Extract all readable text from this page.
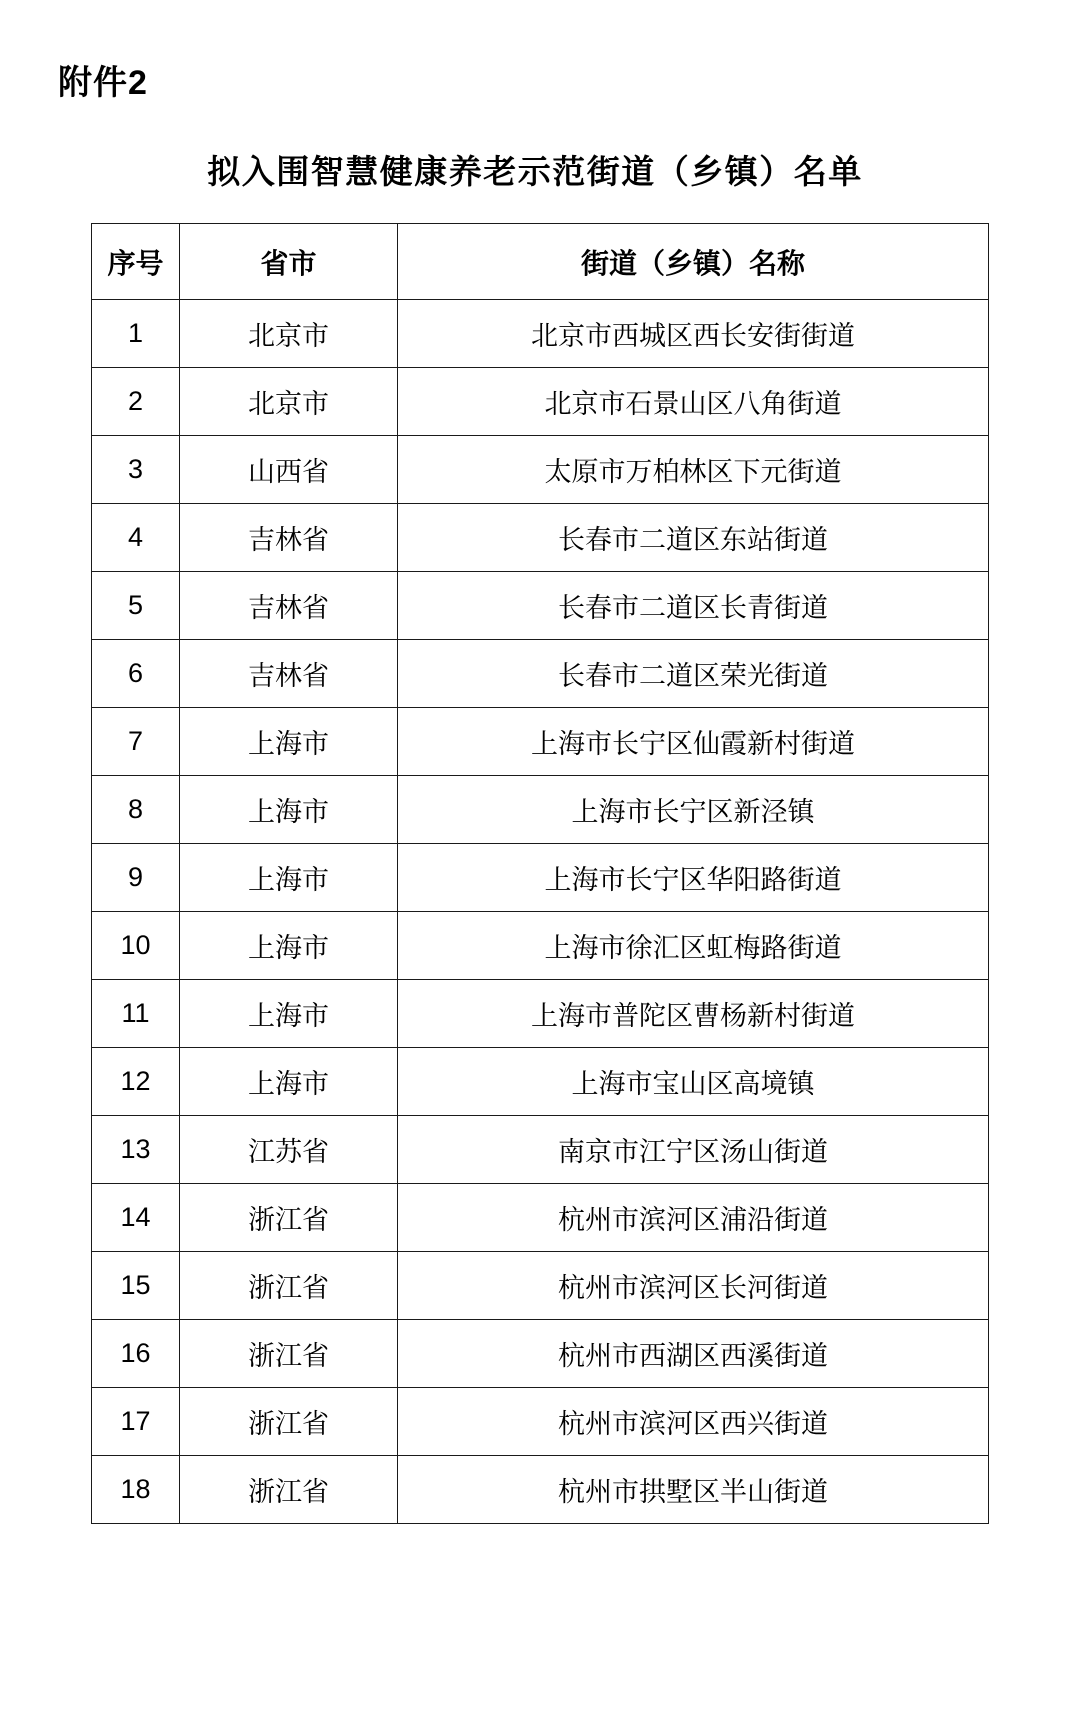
附件2
拟入围智慧健康养老示范街道（乡镇）名单
序号	省市	街道（乡镇）名称
1	北京市	北京市西城区西长安街街道
2	北京市	北京市石景山区八角街道
3	山西省	太原市万柏林区下元街道
4	吉林省	长春市二道区东站街道
5	吉林省	长春市二道区长青街道
6	吉林省	长春市二道区荣光街道
7	上海市	上海市长宁区仙霞新村街道
8	上海市	上海市长宁区新泾镇
9	上海市	上海市长宁区华阳路街道
10	上海市	上海市徐汇区虹梅路街道
11	上海市	上海市普陀区曹杨新村街道
12	上海市	上海市宝山区高境镇
13	江苏省	南京市江宁区汤山街道
14	浙江省	杭州市滨河区浦沿街道
15	浙江省	杭州市滨河区长河街道
16	浙江省	杭州市西湖区西溪街道
17	浙江省	杭州市滨河区西兴街道
18	浙江省	杭州市拱墅区半山街道
